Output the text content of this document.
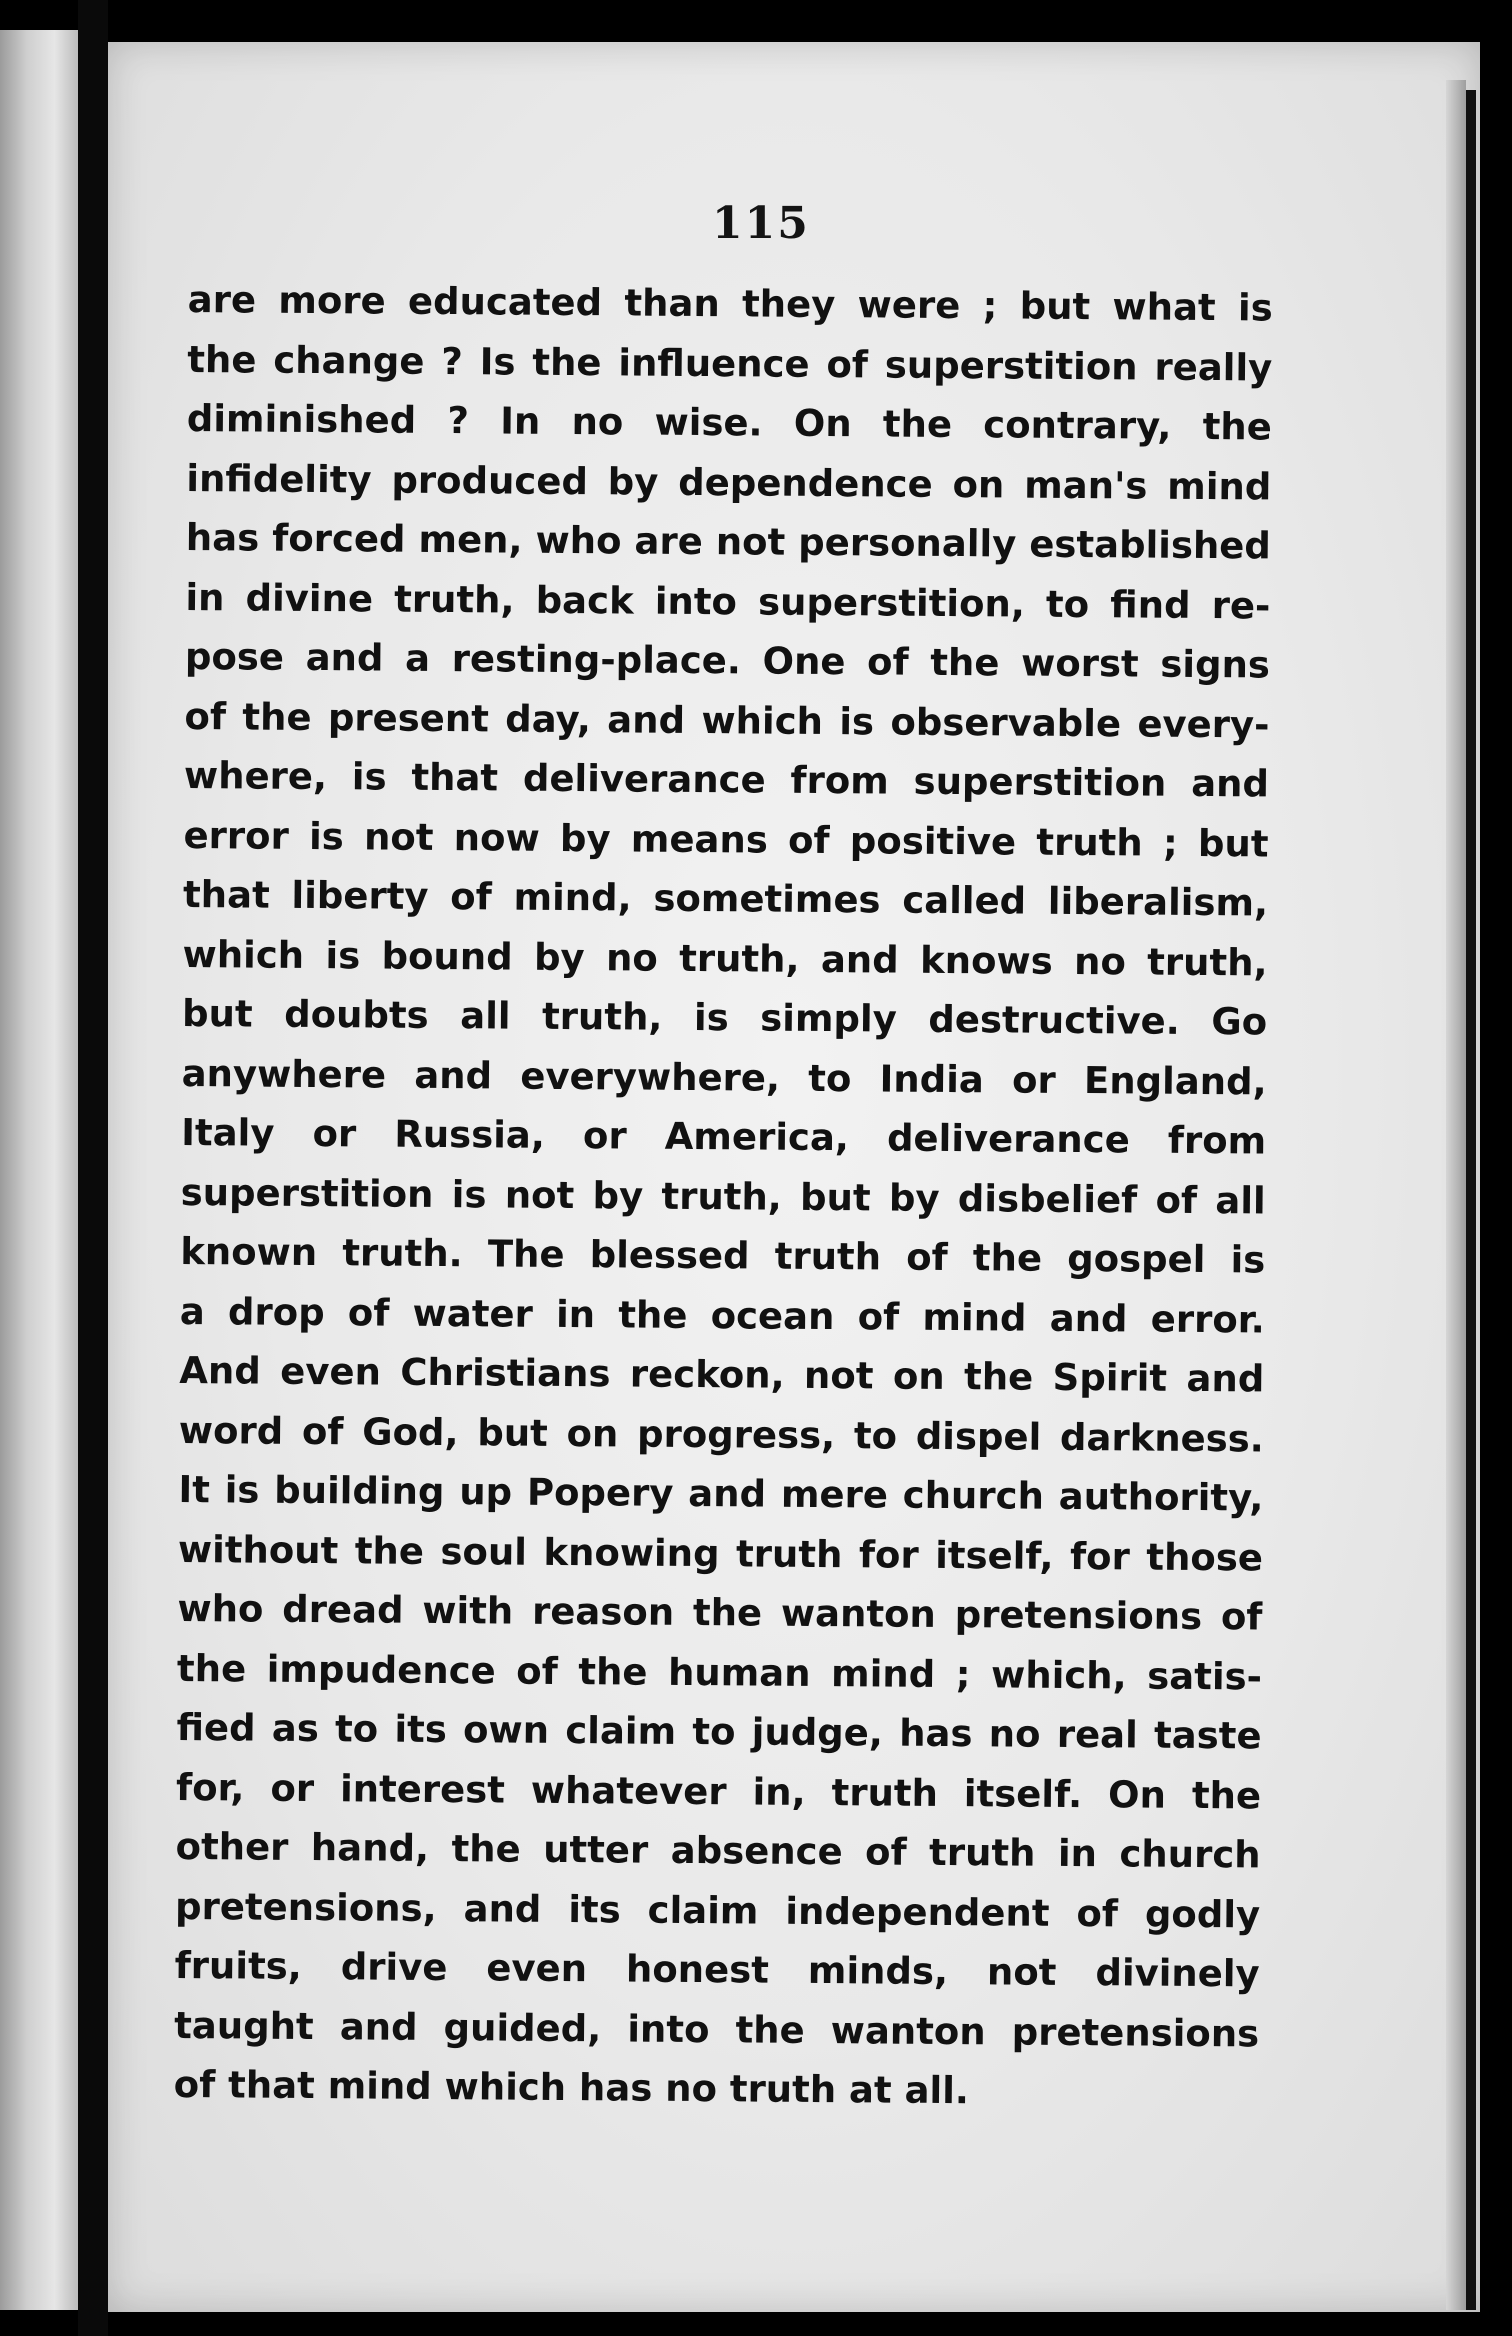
115
are more educated than they were ; but what is
the change ? Is the influence of superstition really
diminished ? In no wise. On the contrary, the
infidelity produced by dependence on man's mind
has forced men, who are not personally established
in divine truth, back into superstition, to find re-
pose and a resting-place. One of the worst signs
of the present day, and which is observable every-
where, is that deliverance from superstition and
error is not now by means of positive truth ; but
that liberty of mind, sometimes called liberalism,
which is bound by no truth, and knows no truth,
but doubts all truth, is simply destructive. Go
anywhere and everywhere, to India or England,
Italy or Russia, or America, deliverance from
superstition is not by truth, but by disbelief of all
known truth. The blessed truth of the gospel is
a drop of water in the ocean of mind and error.
And even Christians reckon, not on the Spirit and
word of God, but on progress, to dispel darkness.
It is building up Popery and mere church authority,
without the soul knowing truth for itself, for those
who dread with reason the wanton pretensions of
the impudence of the human mind ; which, satis-
fied as to its own claim to judge, has no real taste
for, or interest whatever in, truth itself. On the
other hand, the utter absence of truth in church
pretensions, and its claim independent of godly
fruits, drive even honest minds, not divinely
taught and guided, into the wanton pretensions
of that mind which has no truth at all.
